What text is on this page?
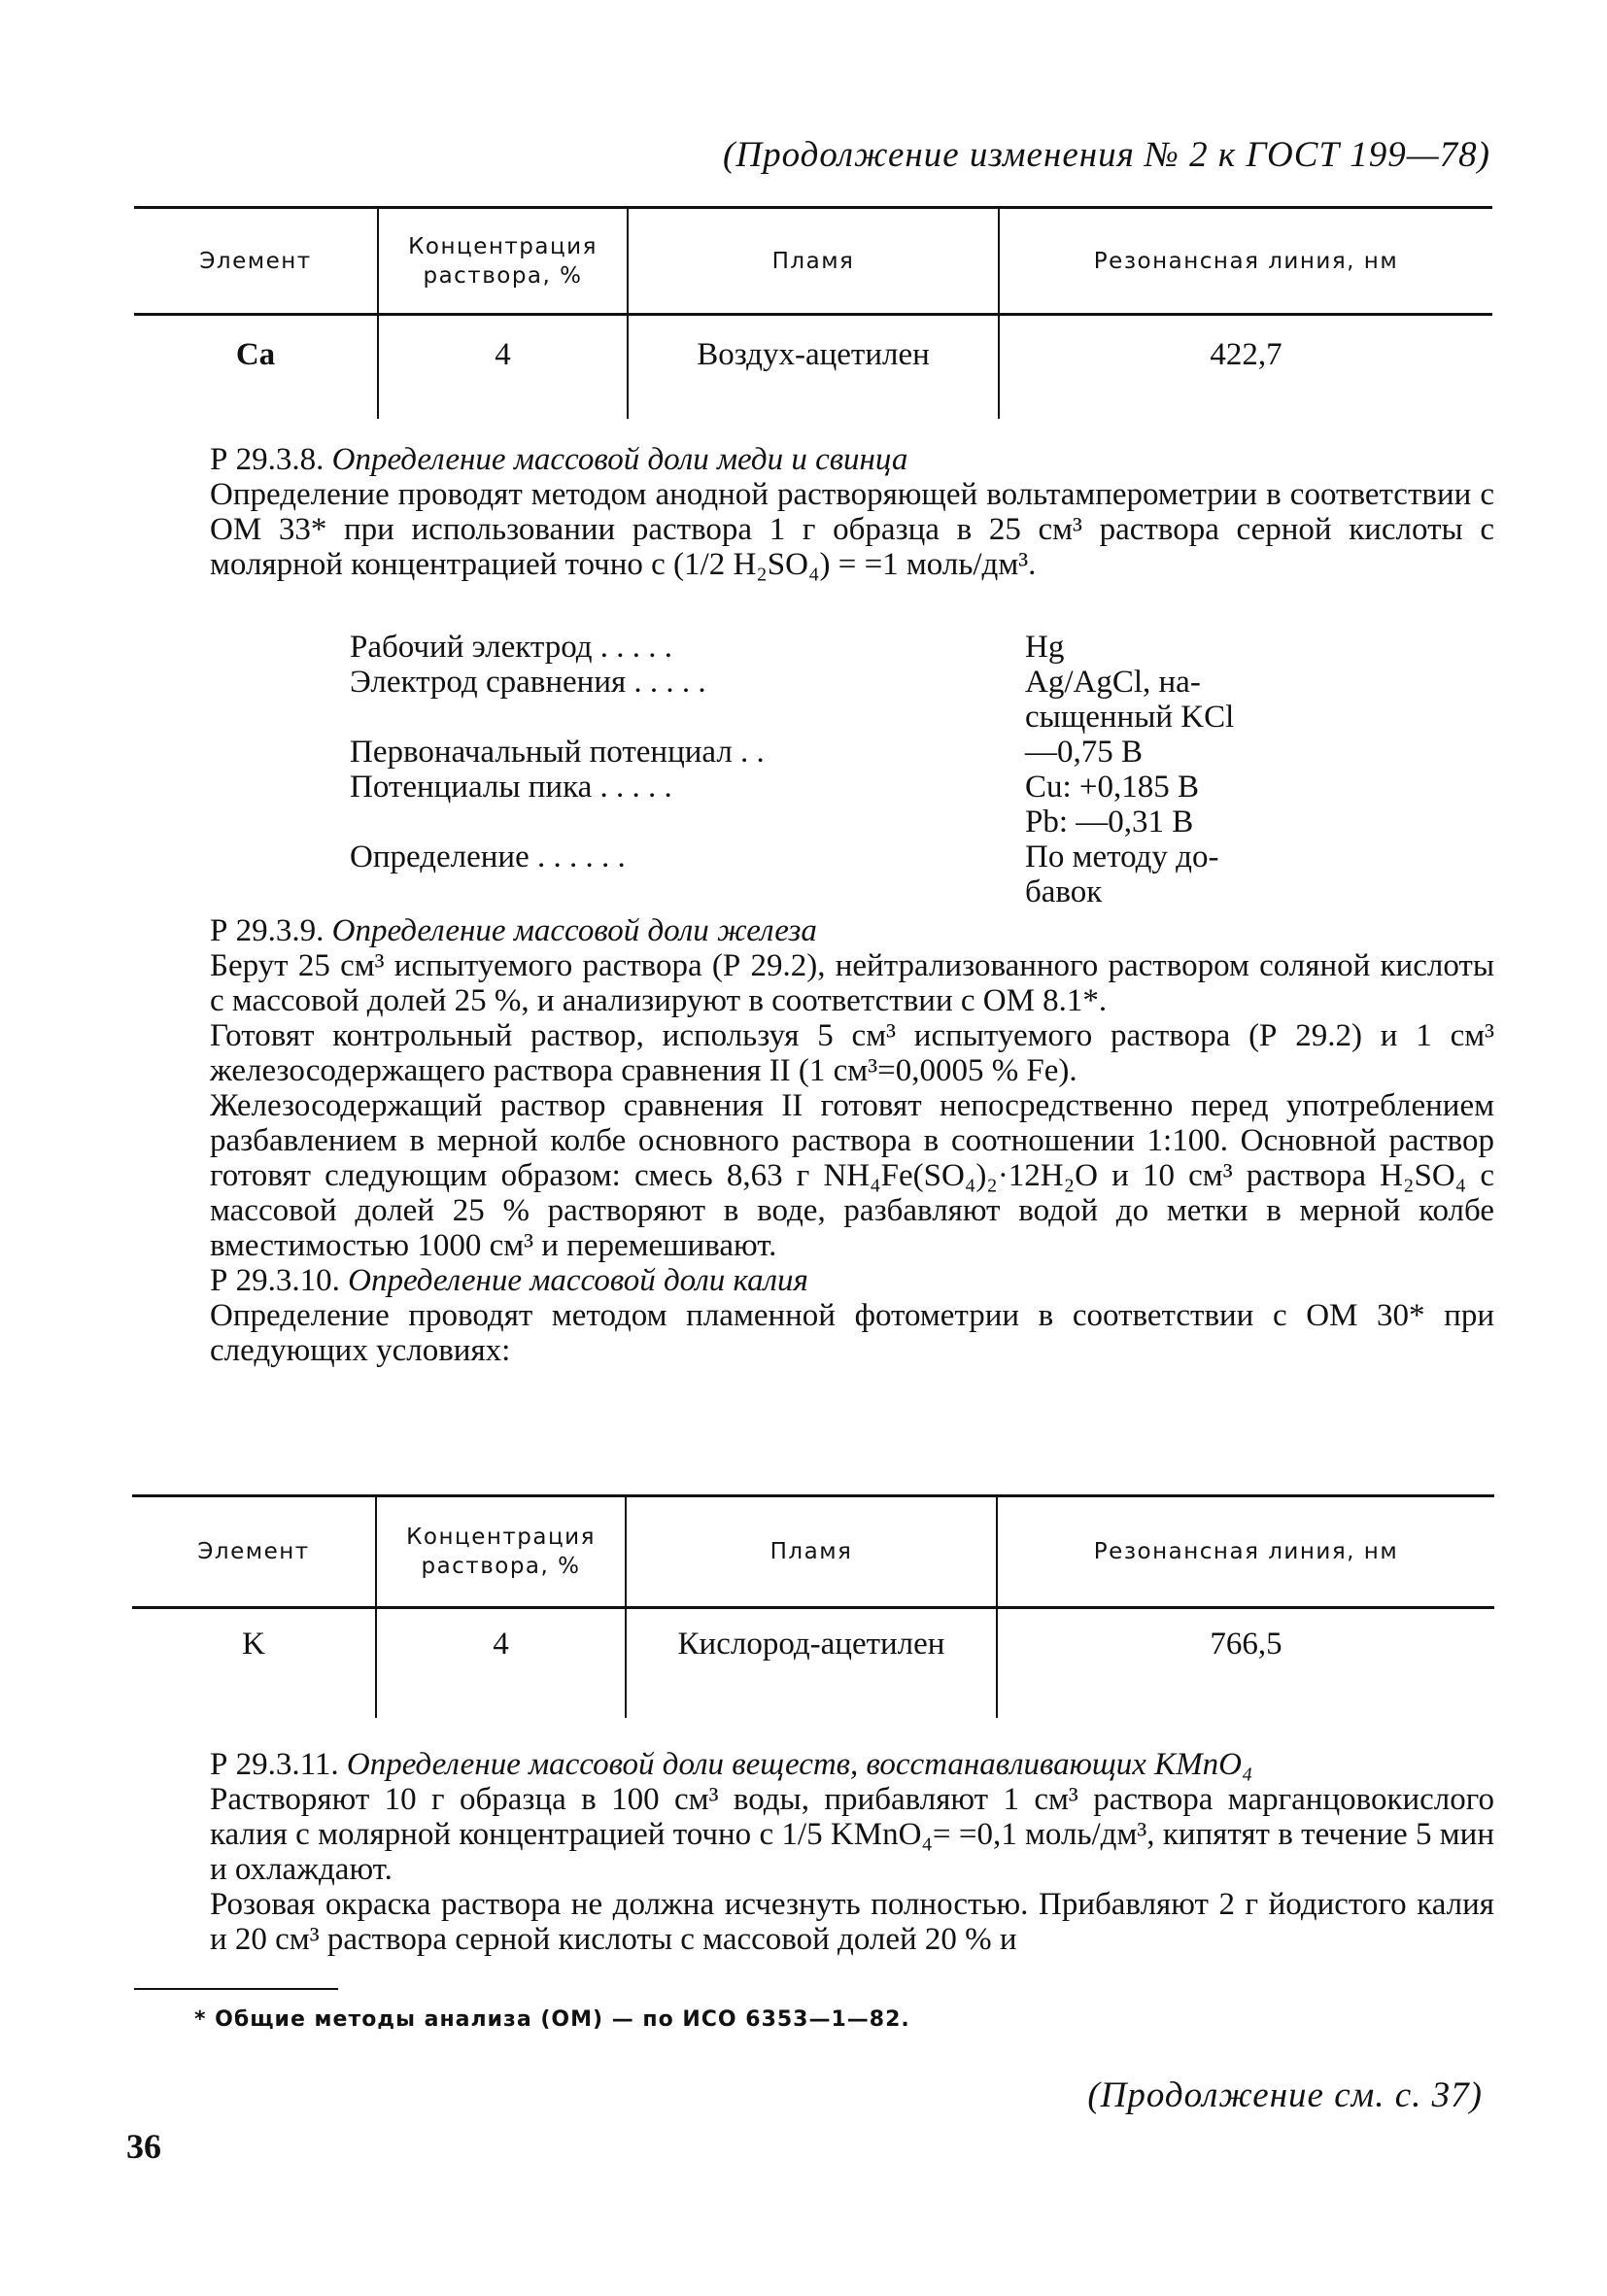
(Продолжение изменения № 2 к ГОСТ 199—78)
Элемент	Концентрация раствора, %	Пламя	Резонансная линия, нм
Ca	4	Воздух-ацетилен	422,7

Р 29.3.8. Определение массовой доли меди и свинца

Определение проводят методом анодной растворяющей вольтамперометрии в соответствии с ОМ 33* при использовании раствора 1 г образца в 25 см³ раствора серной кислоты с молярной концентрацией точно c (1/2 H₂SO₄) = =1 моль/дм³.

Рабочий электрод . . . . .	Hg
Электрод сравнения . . . . .	Ag/AgCl, на-
сыщенный KCl
Первоначальный потенциал . .	—0,75 В
Потенциалы пика . . . . .	Cu: +0,185 В
Pb: —0,31 В
Определение . . . . . .	По методу до-
бавок

Р 29.3.9. Определение массовой доли железа

Берут 25 см³ испытуемого раствора (Р 29.2), нейтрализованного раствором соляной кислоты с массовой долей 25 %, и анализируют в соответствии с ОМ 8.1*.

Готовят контрольный раствор, используя 5 см³ испытуемого раствора (Р 29.2) и 1 см³ железосодержащего раствора сравнения II (1 см³=0,0005 % Fe).

Железосодержащий раствор сравнения II готовят непосредственно перед употреблением разбавлением в мерной колбе основного раствора в соотношении 1:100. Основной раствор готовят следующим образом: смесь 8,63 г NH₄Fe(SO₄)₂·12H₂O и 10 см³ раствора H₂SO₄ с массовой долей 25 % растворяют в воде, разбавляют водой до метки в мерной колбе вместимостью 1000 см³ и перемешивают.

Р 29.3.10. Определение массовой доли калия

Определение проводят методом пламенной фотометрии в соответствии с ОМ 30* при следующих условиях:

Элемент	Концентрация раствора, %	Пламя	Резонансная линия, нм
K	4	Кислород-ацетилен	766,5

Р 29.3.11. Определение массовой доли веществ, восстанавливающих KMnO₄

Растворяют 10 г образца в 100 см³ воды, прибавляют 1 см³ раствора марганцовокислого калия с молярной концентрацией точно c 1/5 KMnO₄= =0,1 моль/дм³, кипятят в течение 5 мин и охлаждают.

Розовая окраска раствора не должна исчезнуть полностью. Прибавляют 2 г йодистого калия и 20 см³ раствора серной кислоты с массовой долей 20 % и

* Общие методы анализа (ОМ) — по ИСО 6353—1—82.
(Продолжение см. с. 37)
36
